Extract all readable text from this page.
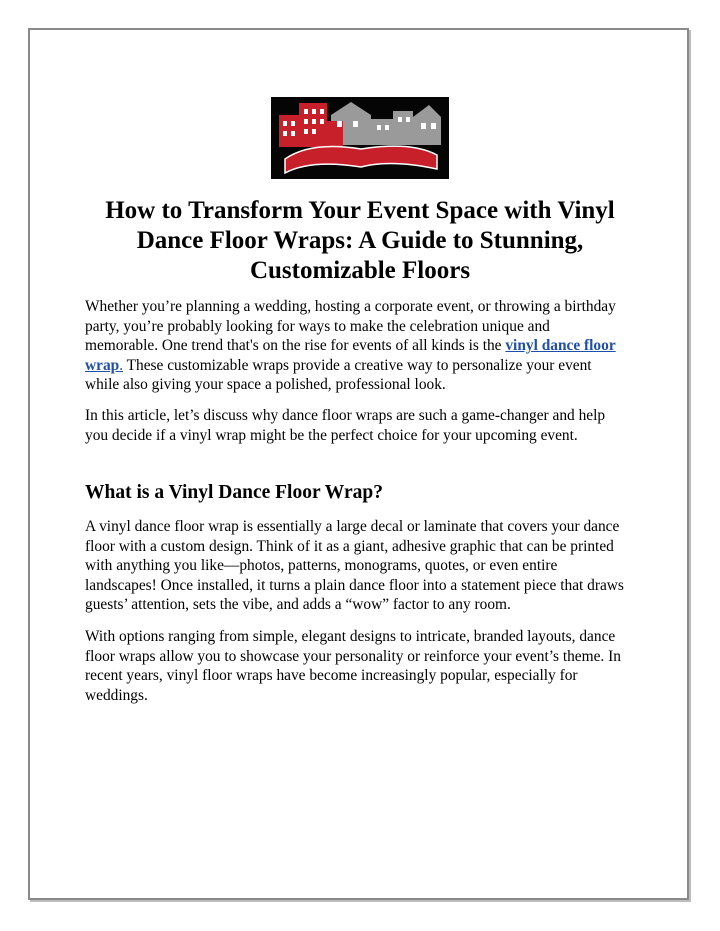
How to Transform Your Event Space with Vinyl Dance Floor Wraps: A Guide to Stunning, Customizable Floors

Whether you’re planning a wedding, hosting a corporate event, or throwing a birthday party, you’re probably looking for ways to make the celebration unique and memorable. One trend that's on the rise for events of all kinds is the vinyl dance floor wrap. These customizable wraps provide a creative way to personalize your event while also giving your space a polished, professional look.

In this article, let’s discuss why dance floor wraps are such a game-changer and help you decide if a vinyl wrap might be the perfect choice for your upcoming event.

What is a Vinyl Dance Floor Wrap?

A vinyl dance floor wrap is essentially a large decal or laminate that covers your dance floor with a custom design. Think of it as a giant, adhesive graphic that can be printed with anything you like—photos, patterns, monograms, quotes, or even entire landscapes! Once installed, it turns a plain dance floor into a statement piece that draws guests’ attention, sets the vibe, and adds a “wow” factor to any room.

With options ranging from simple, elegant designs to intricate, branded layouts, dance floor wraps allow you to showcase your personality or reinforce your event’s theme. In recent years, vinyl floor wraps have become increasingly popular, especially for weddings.
